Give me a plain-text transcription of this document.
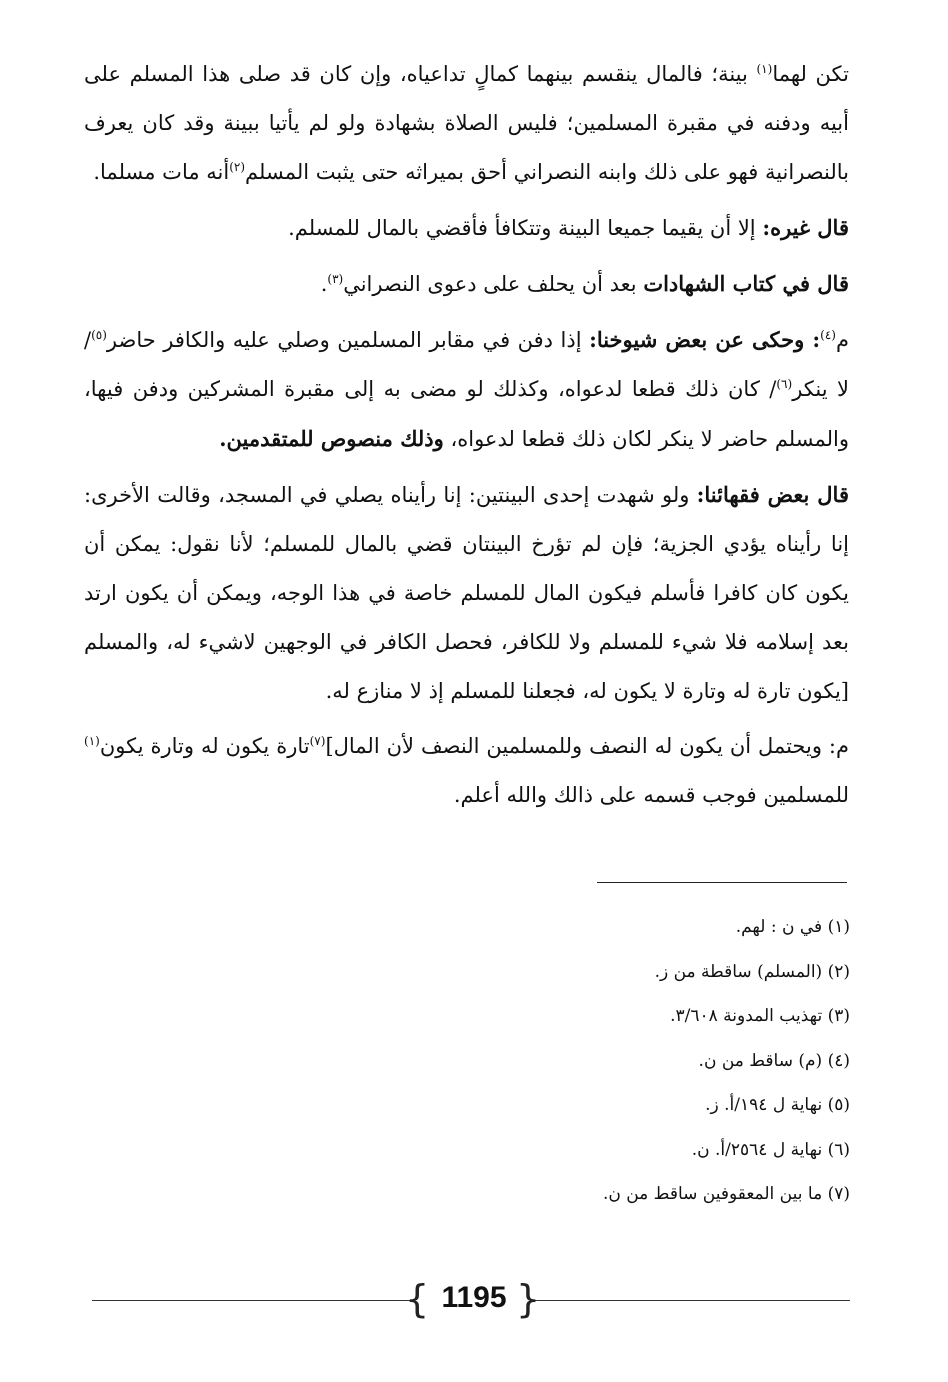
تكن لهما$^{(١)}$ بينة؛ فالمال ينقسم بينهما كمالٍ تداعياه، وإن كان قد صلى هذا المسلم على أبيه ودفنه في مقبرة المسلمين؛ فليس الصلاة بشهادة ولو لم يأتيا ببينة وقد كان يعرف بالنصرانية فهو على ذلك وابنه النصراني أحق بميراثه حتى يثبت المسلم$^{(٢)}$أنه مات مسلما.

قال غيره: إلا أن يقيما جميعا البينة وتتكافأ فأقضي بالمال للمسلم.

قال في كتاب الشهادات بعد أن يحلف على دعوى النصراني$^{(٣)}$.

م$^{(٤)}$: وحكى عن بعض شيوخنا: إذا دفن في مقابر المسلمين وصلي عليه والكافر حاضر$^{(٥)}$/ لا ينكر$^{(٦)}$/ كان ذلك قطعا لدعواه، وكذلك لو مضى به إلى مقبرة المشركين ودفن فيها، والمسلم حاضر لا ينكر لكان ذلك قطعا لدعواه، وذلك منصوص للمتقدمين.

قال بعض فقهائنا: ولو شهدت إحدى البينتين: إنا رأيناه يصلي في المسجد، وقالت الأخرى: إنا رأيناه يؤدي الجزية؛ فإن لم تؤرخ البينتان قضي بالمال للمسلم؛ لأنا نقول: يمكن أن يكون كان كافرا فأسلم فيكون المال للمسلم خاصة في هذا الوجه، ويمكن أن يكون ارتد بعد إسلامه فلا شيء للمسلم ولا للكافر، فحصل الكافر في الوجهين لاشيء له، والمسلم [يكون تارة له وتارة لا يكون له، فجعلنا للمسلم إذ لا منازع له.

م: ويحتمل أن يكون له النصف وللمسلمين النصف لأن المال]$^{(٧)}$تارة يكون له وتارة يكون$^{(١)}$ للمسلمين فوجب قسمه على ذالك والله أعلم.

(١) في ن : لهم.
(٢) (المسلم) ساقطة من ز.
(٣) تهذيب المدونة ٣/٦٠٨.
(٤) (م) ساقط من ن.
(٥) نهاية ل ١٩٤/أ. ز.
(٦) نهاية ل ٢٥٦٤/أ. ن.
(٧) ما بين المعقوفين ساقط من ن.
{ 1195 }
